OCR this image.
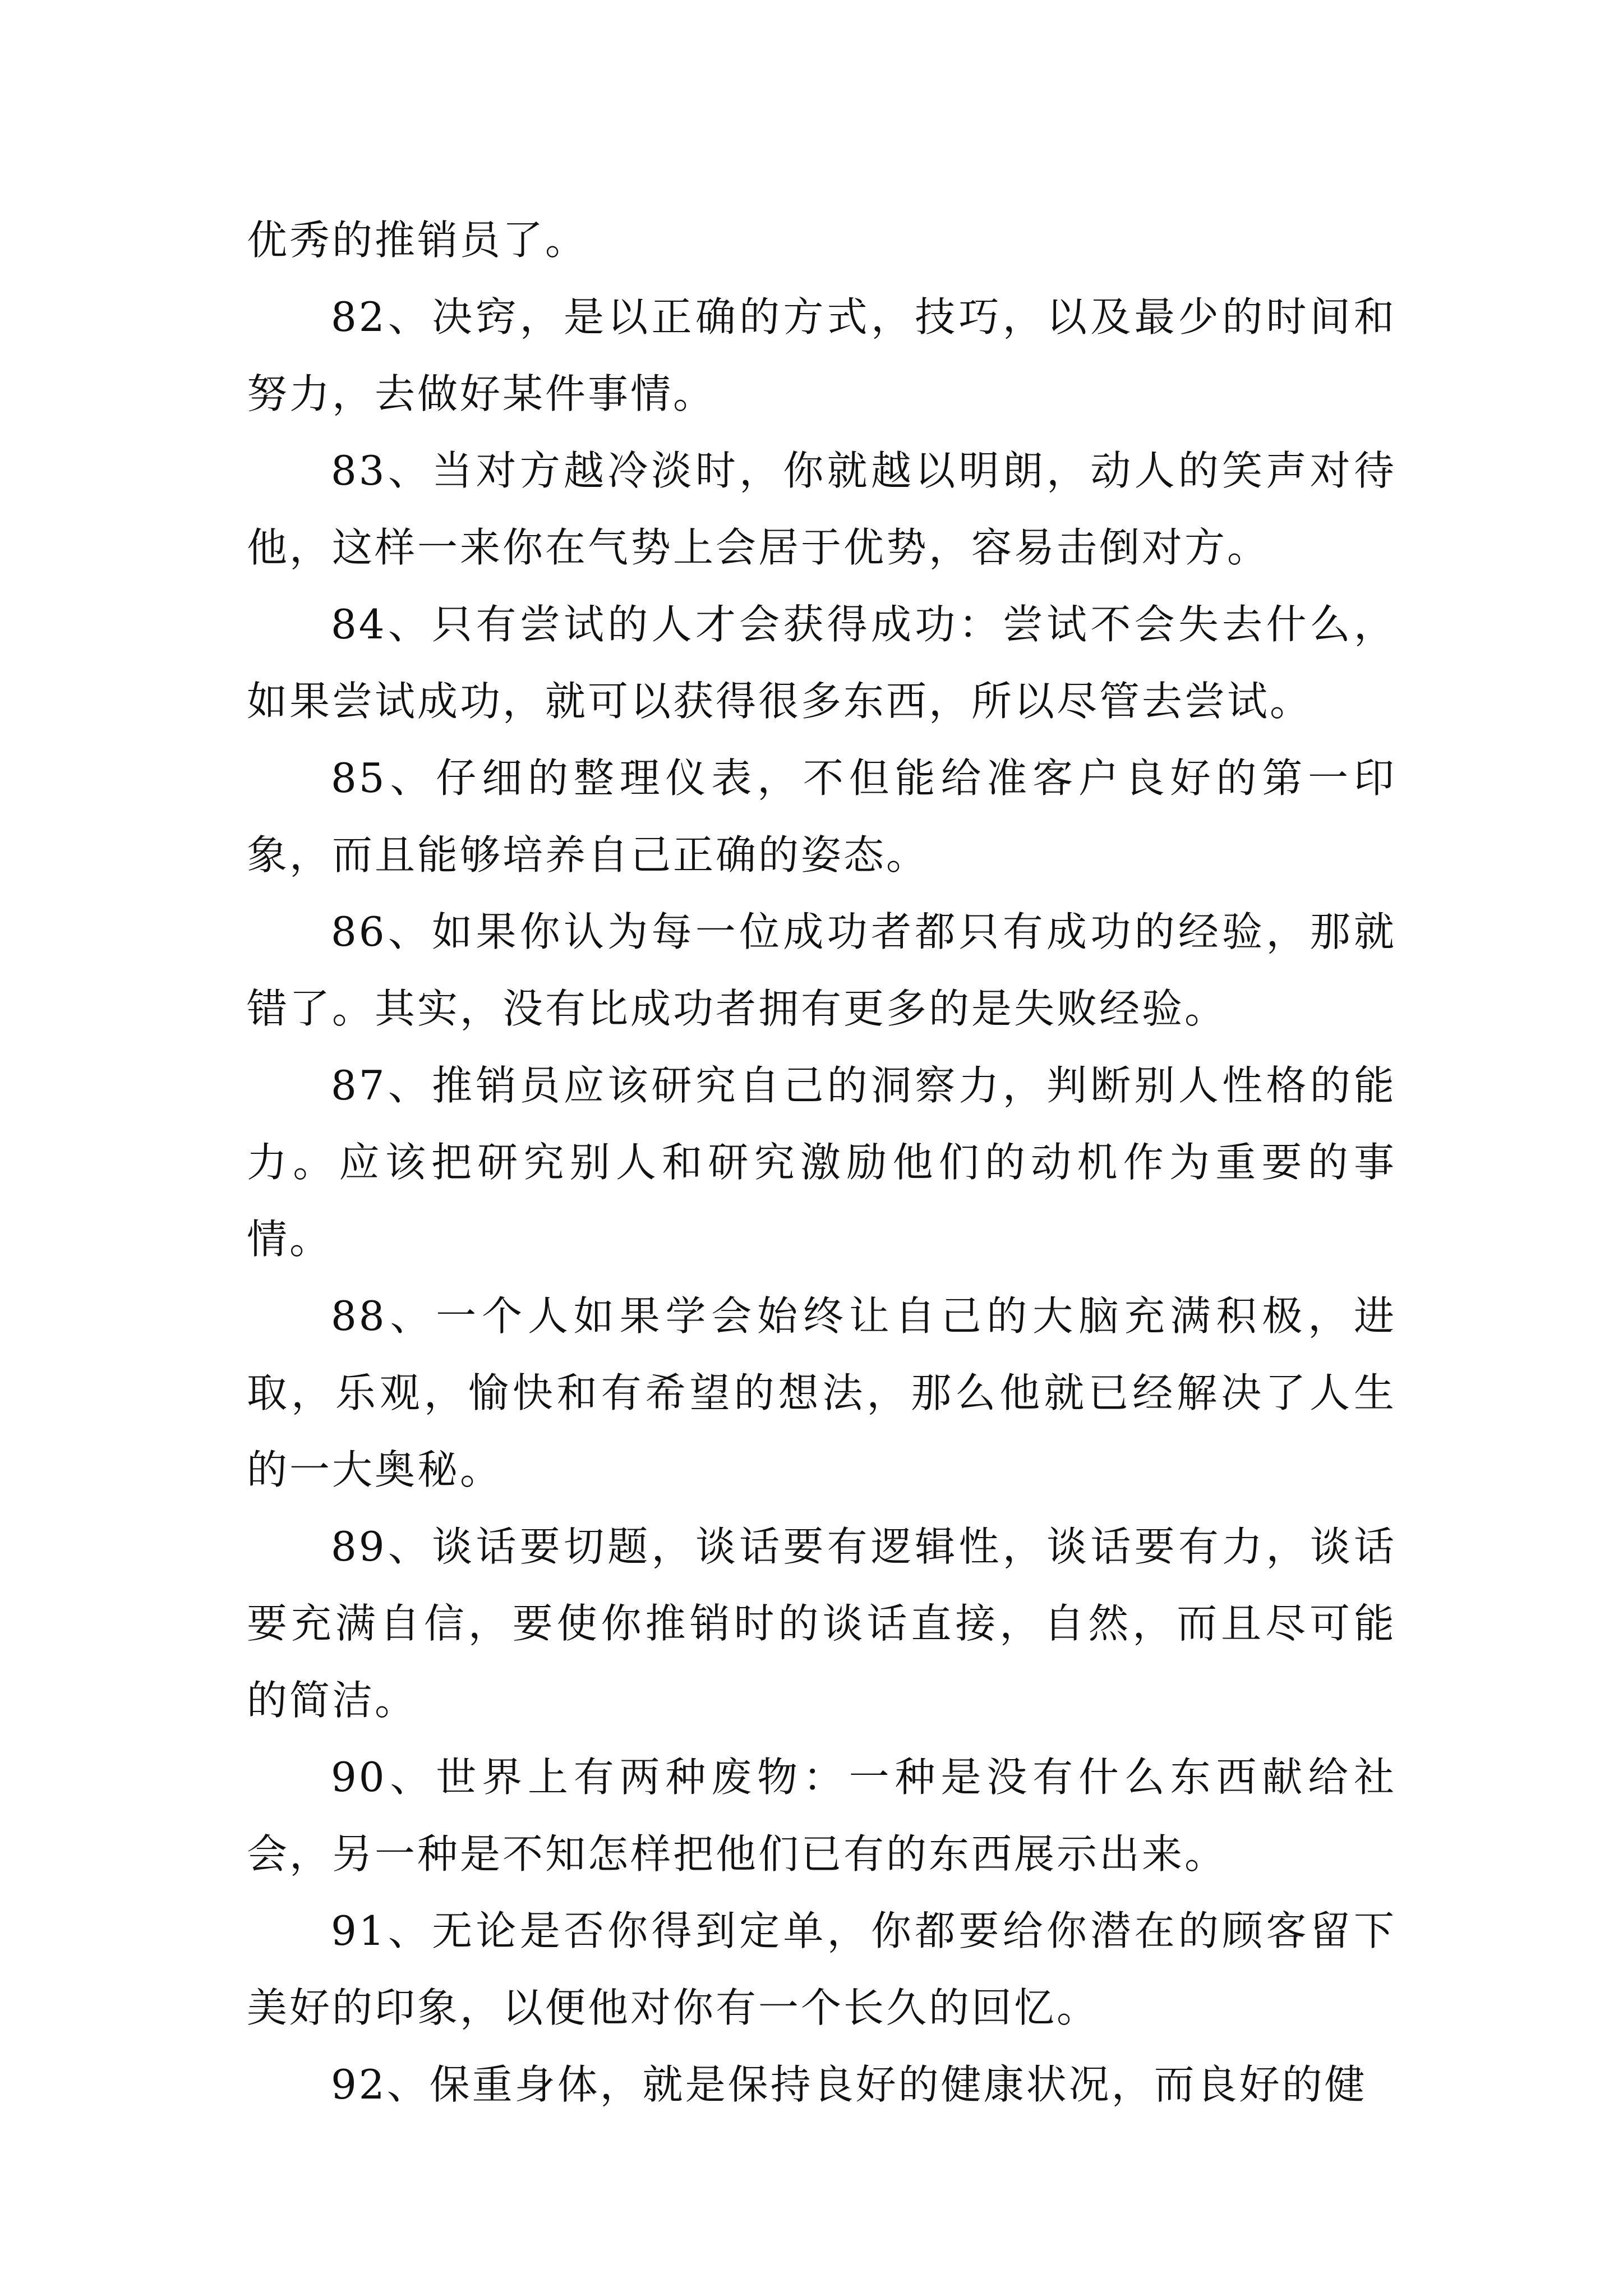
优秀的推销员了。

82、决窍，是以正确的方式，技巧，以及最少的时间和努力，去做好某件事情。

83、当对方越冷淡时，你就越以明朗，动人的笑声对待他，这样一来你在气势上会居于优势，容易击倒对方。

84、只有尝试的人才会获得成功：尝试不会失去什么，如果尝试成功，就可以获得很多东西，所以尽管去尝试。

85、仔细的整理仪表，不但能给准客户良好的第一印象，而且能够培养自己正确的姿态。

86、如果你认为每一位成功者都只有成功的经验，那就错了。其实，没有比成功者拥有更多的是失败经验。

87、推销员应该研究自己的洞察力，判断别人性格的能力。应该把研究别人和研究激励他们的动机作为重要的事情。

88、一个人如果学会始终让自己的大脑充满积极，进取，乐观，愉快和有希望的想法，那么他就已经解决了人生的一大奥秘。

89、谈话要切题，谈话要有逻辑性，谈话要有力，谈话要充满自信，要使你推销时的谈话直接，自然，而且尽可能的简洁。

90、世界上有两种废物：一种是没有什么东西献给社会，另一种是不知怎样把他们已有的东西展示出来。

91、无论是否你得到定单，你都要给你潜在的顾客留下美好的印象，以便他对你有一个长久的回忆。

92、保重身体，就是保持良好的健康状况，而良好的健
